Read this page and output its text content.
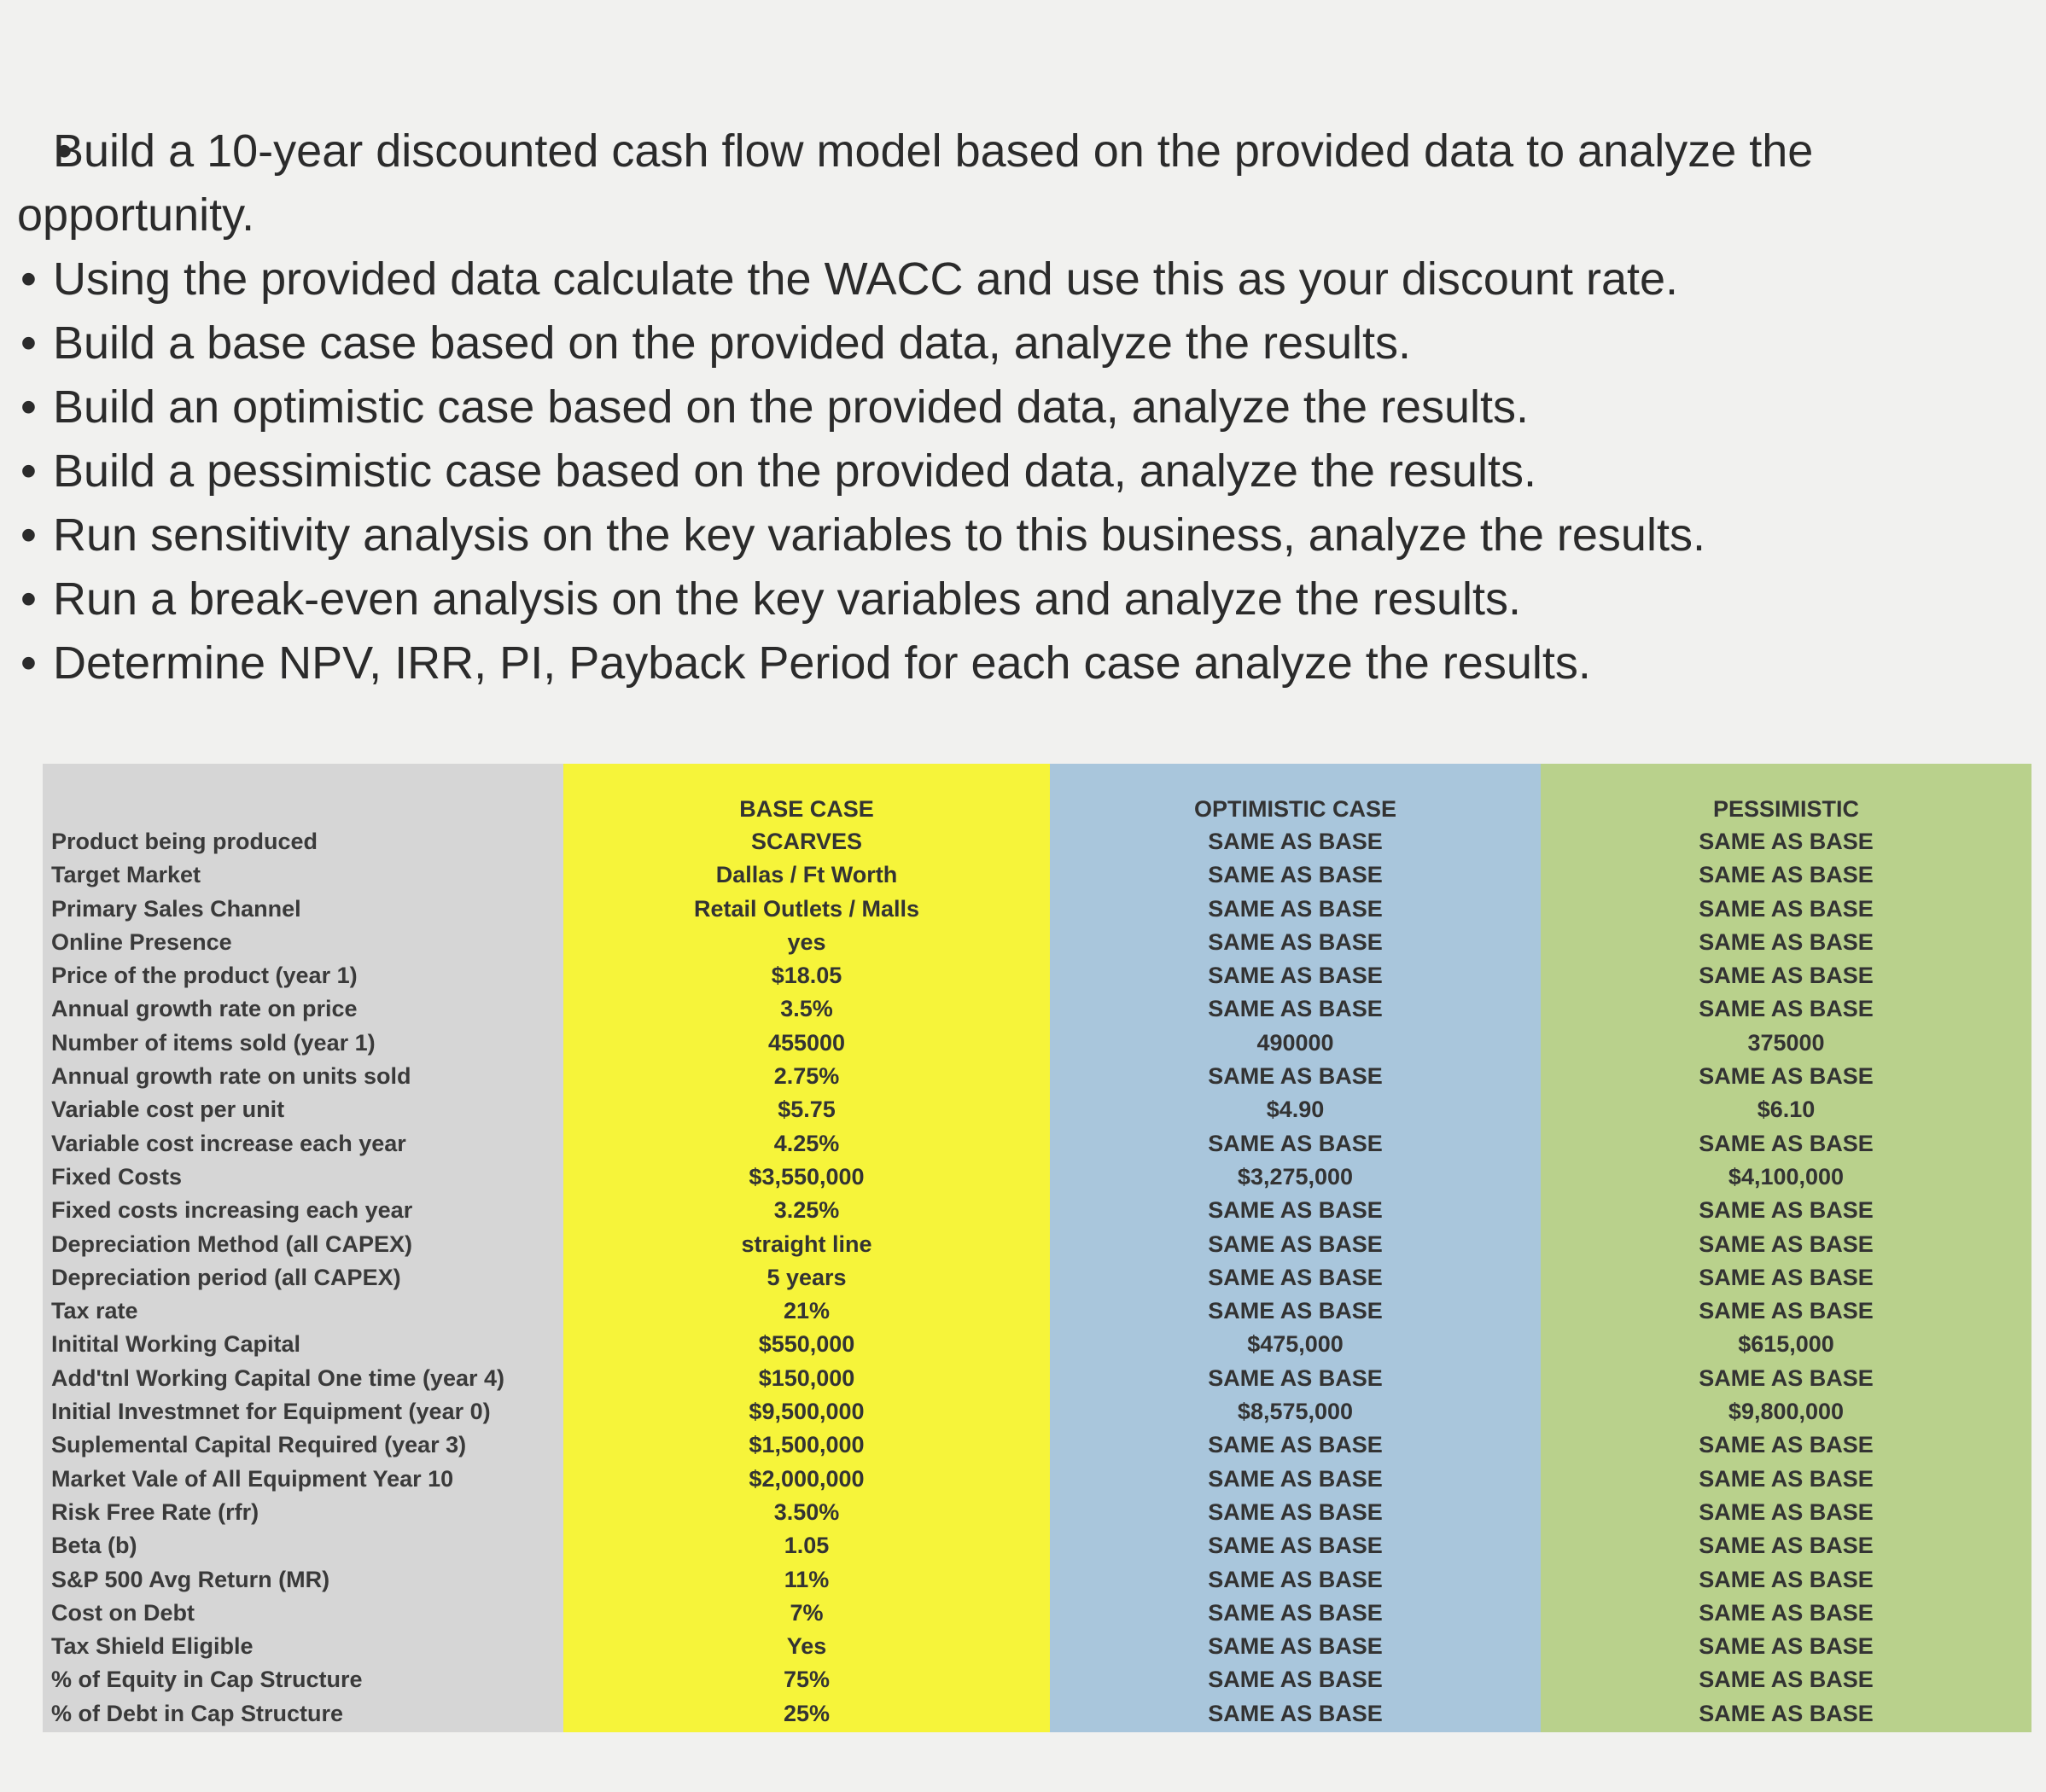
• Build a 10-year discounted cash flow model based on the provided data to analyze the opportunity.
• Using the provided data calculate the WACC and use this as your discount rate.
• Build a base case based on the provided data, analyze the results.
• Build an optimistic case based on the provided data, analyze the results.
• Build a pessimistic case based on the provided data, analyze the results.
• Run sensitivity analysis on the key variables to this business, analyze the results.
• Run a break-even analysis on the key variables and analyze the results.
• Determine NPV, IRR, PI, Payback Period for each case analyze the results.
Product being produced
Target Market
Primary Sales Channel
Online Presence
Price of the product (year 1)
Annual growth rate on price
Number of items sold (year 1)
Annual growth rate on units sold
Variable cost per unit
Variable cost increase each year
Fixed Costs
Fixed costs increasing each year
Depreciation Method (all CAPEX)
Depreciation period (all CAPEX)
Tax rate
Initital Working Capital
Add'tnl Working Capital One time (year 4)
Initial Investmnet for Equipment (year 0)
Suplemental Capital Required (year 3)
Market Vale of All Equipment Year 10
Risk Free Rate (rfr)
Beta (b)
S&P 500 Avg Return (MR)
Cost on Debt
Tax Shield Eligible
% of Equity in Cap Structure
% of Debt in Cap Structure
BASE CASE
SCARVES
Dallas / Ft Worth
Retail Outlets / Malls
yes
$18.05
3.5%
455000
2.75%
$5.75
4.25%
$3,550,000
3.25%
straight line
5 years
21%
$550,000
$150,000
$9,500,000
$1,500,000
$2,000,000
3.50%
1.05
11%
7%
Yes
75%
25%
OPTIMISTIC CASE
SAME AS BASE
SAME AS BASE
SAME AS BASE
SAME AS BASE
SAME AS BASE
SAME AS BASE
490000
SAME AS BASE
$4.90
SAME AS BASE
$3,275,000
SAME AS BASE
SAME AS BASE
SAME AS BASE
SAME AS BASE
$475,000
SAME AS BASE
$8,575,000
SAME AS BASE
SAME AS BASE
SAME AS BASE
SAME AS BASE
SAME AS BASE
SAME AS BASE
SAME AS BASE
SAME AS BASE
SAME AS BASE
PESSIMISTIC
SAME AS BASE
SAME AS BASE
SAME AS BASE
SAME AS BASE
SAME AS BASE
SAME AS BASE
375000
SAME AS BASE
$6.10
SAME AS BASE
$4,100,000
SAME AS BASE
SAME AS BASE
SAME AS BASE
SAME AS BASE
$615,000
SAME AS BASE
$9,800,000
SAME AS BASE
SAME AS BASE
SAME AS BASE
SAME AS BASE
SAME AS BASE
SAME AS BASE
SAME AS BASE
SAME AS BASE
SAME AS BASE
